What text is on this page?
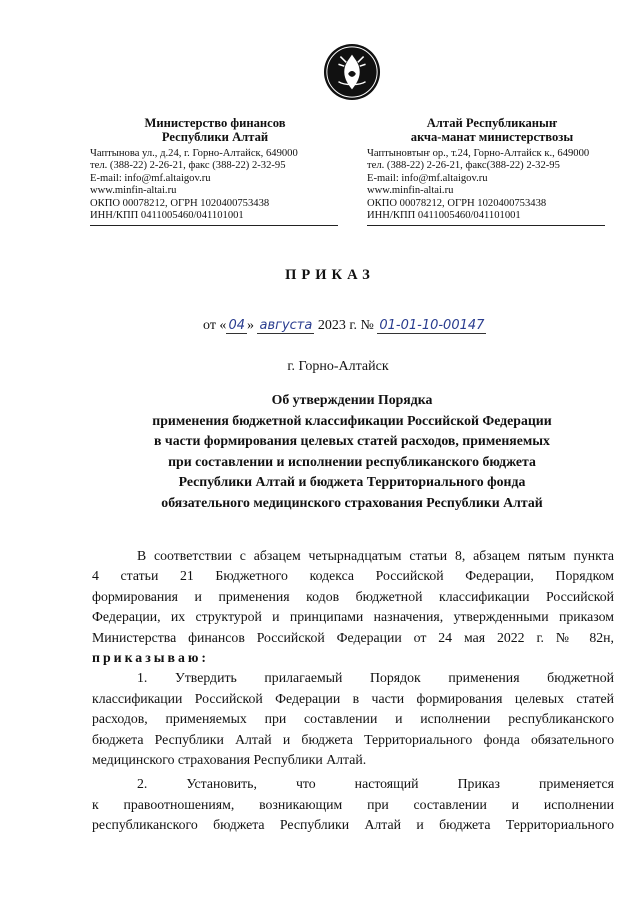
Министерство финансов
Республики Алтай
Чаптынова ул., д.24, г. Горно-Алтайск, 649000
тел. (388-22) 2-26-21, факс (388-22) 2-32-95
E-mail: info@mf.altaigov.ru
www.minfin-altai.ru
ОКПО 00078212, ОГРН 1020400753438
ИНН/КПП 0411005460/041101001
Алтай Республиканыҥ
акча-манат министерствозы
Чаптыновтыҥ ор., т.24, Горно-Алтайск к., 649000
тел. (388-22) 2-26-21, факс(388-22) 2-32-95
E-mail: info@mf.altaigov.ru
www.minfin-altai.ru
ОКПО 00078212, ОГРН 1020400753438
ИНН/КПП 0411005460/041101001
ПРИКАЗ
от « 04 » августа 2023 г. № 01-01-10-00147
г. Горно-Алтайск
Об утверждении Порядка
применения бюджетной классификации Российской Федерации
в части формирования целевых статей расходов, применяемых
при составлении и исполнении республиканского бюджета
Республики Алтай и бюджета Территориального фонда
обязательного медицинского страхования Республики Алтай
В соответствии с абзацем четырнадцатым статьи 8, абзацем пятым пункта
4 статьи 21 Бюджетного кодекса Российской Федерации, Порядком
формирования и применения кодов бюджетной классификации Российской
Федерации, их структурой и принципами назначения, утвержденными приказом
Министерства финансов Российской Федерации от 24 мая 2022 г. № 82н,
приказываю:
1. Утвердить прилагаемый Порядок применения бюджетной
классификации Российской Федерации в части формирования целевых статей
расходов, применяемых при составлении и исполнении республиканского
бюджета Республики Алтай и бюджета Территориального фонда обязательного
медицинского страхования Республики Алтай.
2. Установить, что настоящий Приказ применяется
к правоотношениям, возникающим при составлении и исполнении
республиканского бюджета Республики Алтай и бюджета Территориального
